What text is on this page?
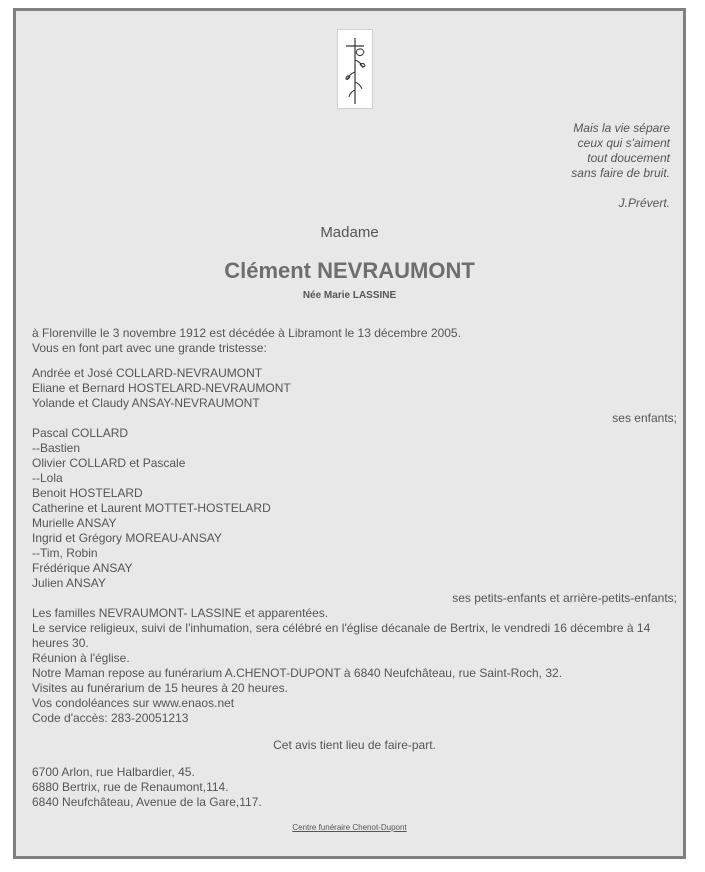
Mais la vie sépare
ceux qui s'aiment
tout doucement
sans faire de bruit.
J.Prévert.
Madame
Clément NEVRAUMONT
Née Marie LASSINE

à Florenville le 3 novembre 1912 est décédée à Libramont le 13 décembre 2005.

Vous en font part avec une grande tristesse:

Andrée et José COLLARD-NEVRAUMONT

Eliane et Bernard HOSTELARD-NEVRAUMONT

Yolande et Claudy ANSAY-NEVRAUMONT

ses enfants;

Pascal COLLARD

--Bastien

Olivier COLLARD et Pascale

--Lola

Benoit HOSTELARD

Catherine et Laurent MOTTET-HOSTELARD

Murielle ANSAY

Ingrid et Grégory MOREAU-ANSAY

--Tim, Robin

Frédérique ANSAY

Julien ANSAY

ses petits-enfants et arrière-petits-enfants;

Les familles NEVRAUMONT- LASSINE et apparentées.

Le service religieux, suivi de l'inhumation, sera célébré en l'église décanale de Bertrix, le vendredi 16 décembre à 14 heures 30.

Réunion à l'église.

Notre Maman repose au funérarium A.CHENOT-DUPONT à 6840 Neufchâteau, rue Saint-Roch, 32.

Visites au funérarium de 15 heures à 20 heures.

Vos condoléances sur www.enaos.net

Code d'accès: 283-20051213

Cet avis tient lieu de faire-part.

6700 Arlon, rue Halbardier, 45.

6880 Bertrix, rue de Renaumont,114.

6840 Neufchâteau, Avenue de la Gare,117.

Centre funéraire Chenot-Dupont
